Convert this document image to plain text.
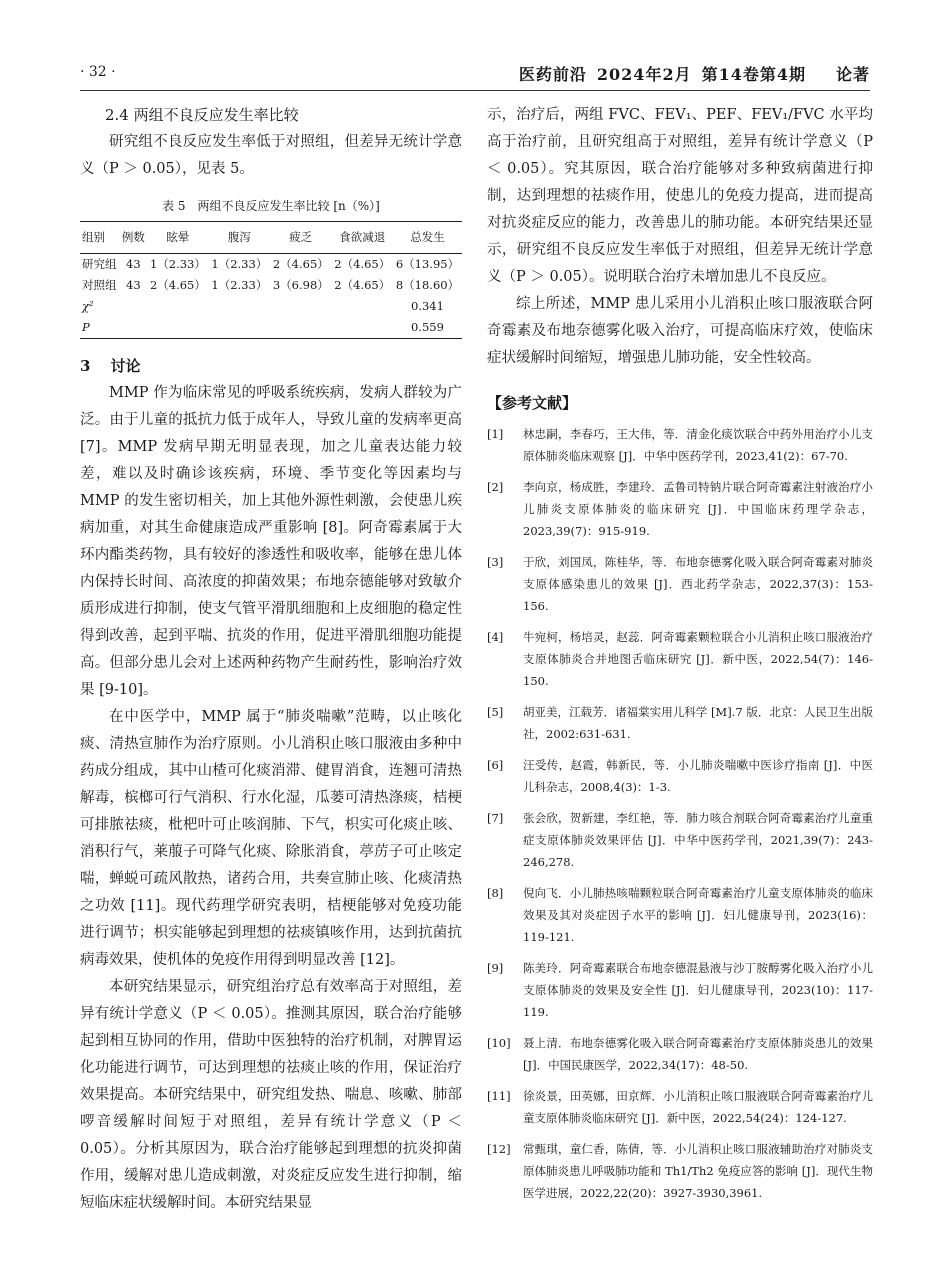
· 32 ·	医药前沿 2024年2月 第14卷第4期 论著
2.4 两组不良反应发生率比较

研究组不良反应发生率低于对照组，但差异无统计学意义（P ＞ 0.05），见表 5。

表 5　两组不良反应发生率比较 [n（%）]
组别	例数	眩晕	腹泻	疲乏	食欲减退	总发生
研究组	43	1（2.33）	1（2.33）	2（4.65）	2（4.65）	6（13.95）
对照组	43	2（4.65）	1（2.33）	3（6.98）	2（4.65）	8（18.60）
χ²						0.341
P						0.559
3 讨论

MMP 作为临床常见的呼吸系统疾病，发病人群较为广泛。由于儿童的抵抗力低于成年人，导致儿童的发病率更高 [7]。MMP 发病早期无明显表现，加之儿童表达能力较差，难以及时确诊该疾病，环境、季节变化等因素均与 MMP 的发生密切相关，加上其他外源性刺激，会使患儿疾病加重，对其生命健康造成严重影响 [8]。阿奇霉素属于大环内酯类药物，具有较好的渗透性和吸收率，能够在患儿体内保持长时间、高浓度的抑菌效果；布地奈德能够对致敏介质形成进行抑制，使支气管平滑肌细胞和上皮细胞的稳定性得到改善，起到平喘、抗炎的作用，促进平滑肌细胞功能提高。但部分患儿会对上述两种药物产生耐药性，影响治疗效果 [9-10]。

在中医学中，MMP 属于“肺炎喘嗽”范畴，以止咳化痰、清热宣肺作为治疗原则。小儿消积止咳口服液由多种中药成分组成，其中山楂可化痰消滞、健胃消食，连翘可清热解毒，槟榔可行气消积、行水化湿，瓜蒌可清热涤痰，桔梗可排脓祛痰，枇杷叶可止咳润肺、下气，枳实可化痰止咳、消积行气，莱菔子可降气化痰、除胀消食，葶苈子可止咳定喘，蝉蜕可疏风散热，诸药合用，共奏宣肺止咳、化痰清热之功效 [11]。现代药理学研究表明，桔梗能够对免疫功能进行调节；枳实能够起到理想的祛痰镇咳作用，达到抗菌抗病毒效果，使机体的免疫作用得到明显改善 [12]。

本研究结果显示，研究组治疗总有效率高于对照组，差异有统计学意义（P ＜ 0.05）。推测其原因，联合治疗能够起到相互协同的作用，借助中医独特的治疗机制，对脾胃运化功能进行调节，可达到理想的祛痰止咳的作用，保证治疗效果提高。本研究结果中，研究组发热、喘息、咳嗽、肺部啰音缓解时间短于对照组，差异有统计学意义（P ＜ 0.05）。分析其原因为，联合治疗能够起到理想的抗炎抑菌作用，缓解对患儿造成刺激，对炎症反应发生进行抑制，缩短临床症状缓解时间。本研究结果显

示，治疗后，两组 FVC、FEV₁、PEF、FEV₁/FVC 水平均高于治疗前，且研究组高于对照组，差异有统计学意义（P ＜ 0.05）。究其原因，联合治疗能够对多种致病菌进行抑制，达到理想的祛痰作用，使患儿的免疫力提高，进而提高对抗炎症反应的能力，改善患儿的肺功能。本研究结果还显示，研究组不良反应发生率低于对照组，但差异无统计学意义（P ＞ 0.05）。说明联合治疗未增加患儿不良反应。

综上所述，MMP 患儿采用小儿消积止咳口服液联合阿奇霉素及布地奈德雾化吸入治疗，可提高临床疗效，使临床症状缓解时间缩短，增强患儿肺功能，安全性较高。

【参考文献】
[1] 林忠嗣，李春巧，王大伟，等．清金化痰饮联合中药外用治疗小儿支原体肺炎临床观察 [J]．中华中医药学刊，2023,41(2)：67-70.
[2] 李向京，杨成胜，李建玲．孟鲁司特钠片联合阿奇霉素注射液治疗小儿肺炎支原体肺炎的临床研究 [J]．中国临床药理学杂志，2023,39(7)：915-919.
[3] 于欣，刘国凤，陈桂华，等．布地奈德雾化吸入联合阿奇霉素对肺炎支原体感染患儿的效果 [J]．西北药学杂志，2022,37(3)：153-156.
[4] 牛宛柯，杨培灵，赵蕊．阿奇霉素颗粒联合小儿消积止咳口服液治疗支原体肺炎合并地图舌临床研究 [J]．新中医，2022,54(7)：146-150.
[5] 胡亚美，江载芳．诸福棠实用儿科学 [M].7 版．北京：人民卫生出版社，2002:631-631.
[6] 汪受传，赵霞，韩新民，等．小儿肺炎喘嗽中医诊疗指南 [J]．中医儿科杂志，2008,4(3)：1-3.
[7] 张会欣，贺新建，李红艳，等．肺力咳合剂联合阿奇霉素治疗儿童重症支原体肺炎效果评估 [J]．中华中医药学刊，2021,39(7)：243-246,278.
[8] 倪向飞．小儿肺热咳喘颗粒联合阿奇霉素治疗儿童支原体肺炎的临床效果及其对炎症因子水平的影响 [J]．妇儿健康导刊，2023(16)：119-121.
[9] 陈美玲．阿奇霉素联合布地奈德混悬液与沙丁胺醇雾化吸入治疗小儿支原体肺炎的效果及安全性 [J]．妇儿健康导刊，2023(10)：117-119.
[10] 聂上清．布地奈德雾化吸入联合阿奇霉素治疗支原体肺炎患儿的效果 [J]．中国民康医学，2022,34(17)：48-50.
[11] 徐炎景，田英娜，田京辉．小儿消积止咳口服液联合阿奇霉素治疗儿童支原体肺炎临床研究 [J]．新中医，2022,54(24)：124-127.
[12] 常甄琪，童仁香，陈倩，等．小儿消积止咳口服液辅助治疗对肺炎支原体肺炎患儿呼吸肺功能和 Th1/Th2 免疫应答的影响 [J]．现代生物医学进展，2022,22(20)：3927-3930,3961.
